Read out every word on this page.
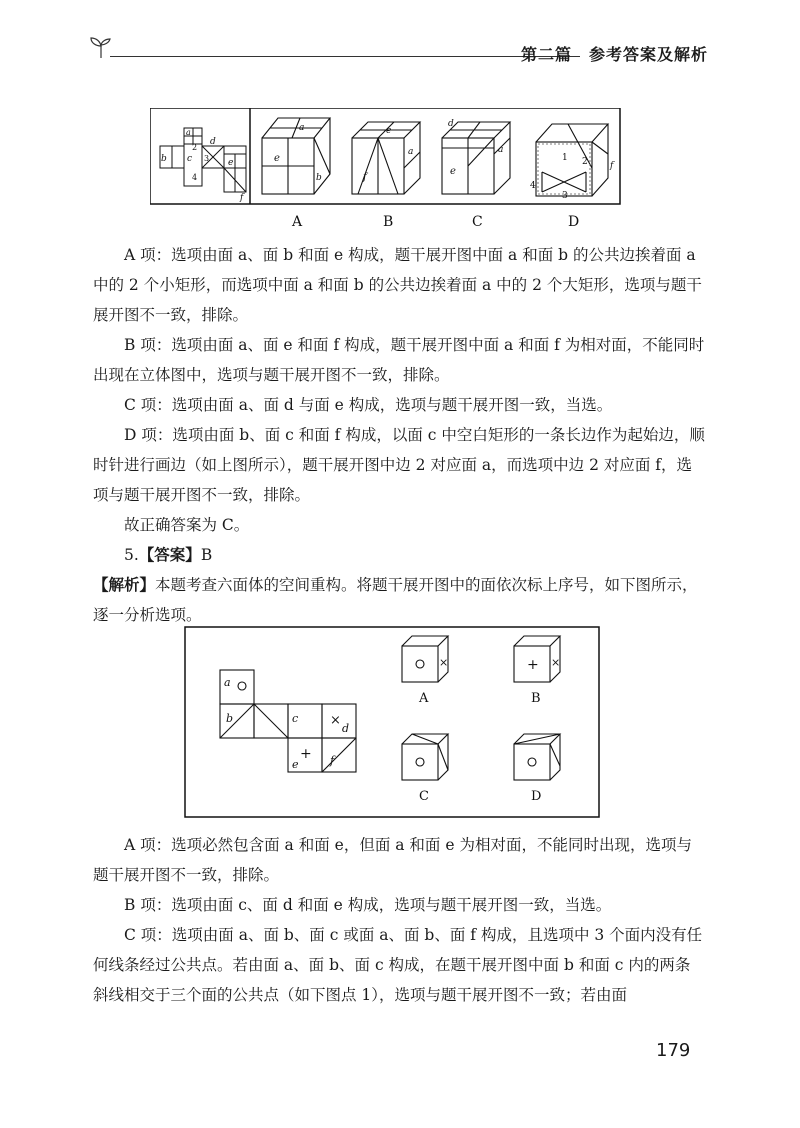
第二篇　参考答案及解析
a
b c
d
e
f
2
3
4
a
e
b
A
e
f
a
B
d
e
a
C
1 2
3
4
f
D

A 项：选项由面 a、面 b 和面 e 构成，题干展开图中面 a 和面 b 的公共边挨着面 a 中的 2 个小矩形，而选项中面 a 和面 b 的公共边挨着面 a 中的 2 个大矩形，选项与题干展开图不一致，排除。

B 项：选项由面 a、面 e 和面 f 构成，题干展开图中面 a 和面 f 为相对面，不能同时出现在立体图中，选项与题干展开图不一致，排除。

C 项：选项由面 a、面 d 与面 e 构成，选项与题干展开图一致，当选。

D 项：选项由面 b、面 c 和面 f 构成，以面 c 中空白矩形的一条长边作为起始边，顺时针进行画边（如上图所示），题干展开图中边 2 对应面 a，而选项中边 2 对应面 f，选项与题干展开图不一致，排除。

故正确答案为 C。

5.【答案】B

【解析】本题考查六面体的空间重构。将题干展开图中的面依次标上序号，如下图所示，逐一分析选项。

a
b	c ×
d
+
e	f
×
A
+ ×
B
C	D

A 项：选项必然包含面 a 和面 e，但面 a 和面 e 为相对面，不能同时出现，选项与题干展开图不一致，排除。

B 项：选项由面 c、面 d 和面 e 构成，选项与题干展开图一致，当选。

C 项：选项由面 a、面 b、面 c 或面 a、面 b、面 f 构成，且选项中 3 个面内没有任何线条经过公共点。若由面 a、面 b、面 c 构成，在题干展开图中面 b 和面 c 内的两条斜线相交于三个面的公共点（如下图点 1），选项与题干展开图不一致；若由面

179
